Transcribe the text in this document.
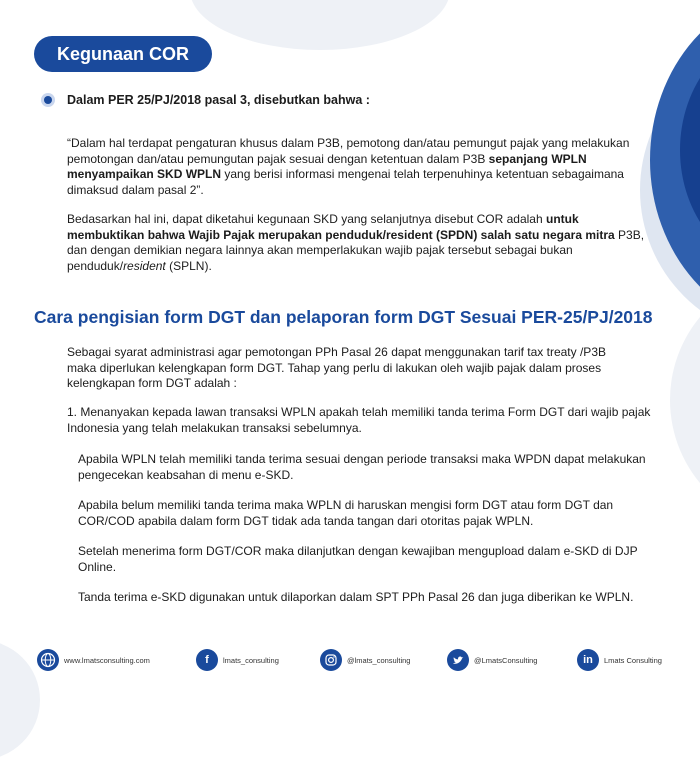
Kegunaan COR
Dalam PER 25/PJ/2018 pasal 3, disebutkan bahwa :
“Dalam hal terdapat pengaturan khusus dalam P3B, pemotong dan/atau pemungut pajak yang melakukan pemotongan dan/atau pemungutan pajak sesuai dengan ketentuan dalam P3B sepanjang WPLN menyampaikan SKD WPLN yang berisi informasi mengenai telah terpenuhinya ketentuan sebagaimana dimaksud dalam pasal 2”.
Bedasarkan hal ini, dapat diketahui kegunaan SKD yang selanjutnya disebut COR adalah untuk membuktikan bahwa Wajib Pajak merupakan penduduk/resident (SPDN) salah satu negara mitra P3B, dan dengan demikian negara lainnya akan memperlakukan wajib pajak tersebut sebagai bukan penduduk/resident (SPLN).
Cara pengisian form DGT dan pelaporan form DGT Sesuai PER-25/PJ/2018
Sebagai syarat administrasi agar pemotongan PPh Pasal 26 dapat menggunakan tarif tax treaty /P3B maka diperlukan kelengkapan form DGT. Tahap yang perlu di lakukan oleh wajib pajak dalam proses kelengkapan form DGT adalah :
1. Menanyakan kepada lawan transaksi WPLN apakah telah memiliki tanda terima Form DGT dari wajib pajak Indonesia yang telah melakukan transaksi sebelumnya.
Apabila WPLN telah memiliki tanda terima sesuai dengan periode transaksi maka WPDN dapat melakukan pengecekan keabsahan di menu e-SKD.
Apabila belum memiliki tanda terima maka WPLN di haruskan mengisi form DGT atau form DGT dan COR/COD apabila dalam form DGT tidak ada tanda tangan dari otoritas pajak WPLN.
Setelah menerima form DGT/COR maka dilanjutkan dengan kewajiban mengupload dalam e-SKD di DJP Online.
Tanda terima e-SKD digunakan untuk dilaporkan dalam SPT PPh Pasal 26 dan juga diberikan ke WPLN.
www.lmatsconsulting.com	f	lmats_consulting	@lmats_consulting	@LmatsConsulting	in	Lmats Consulting
